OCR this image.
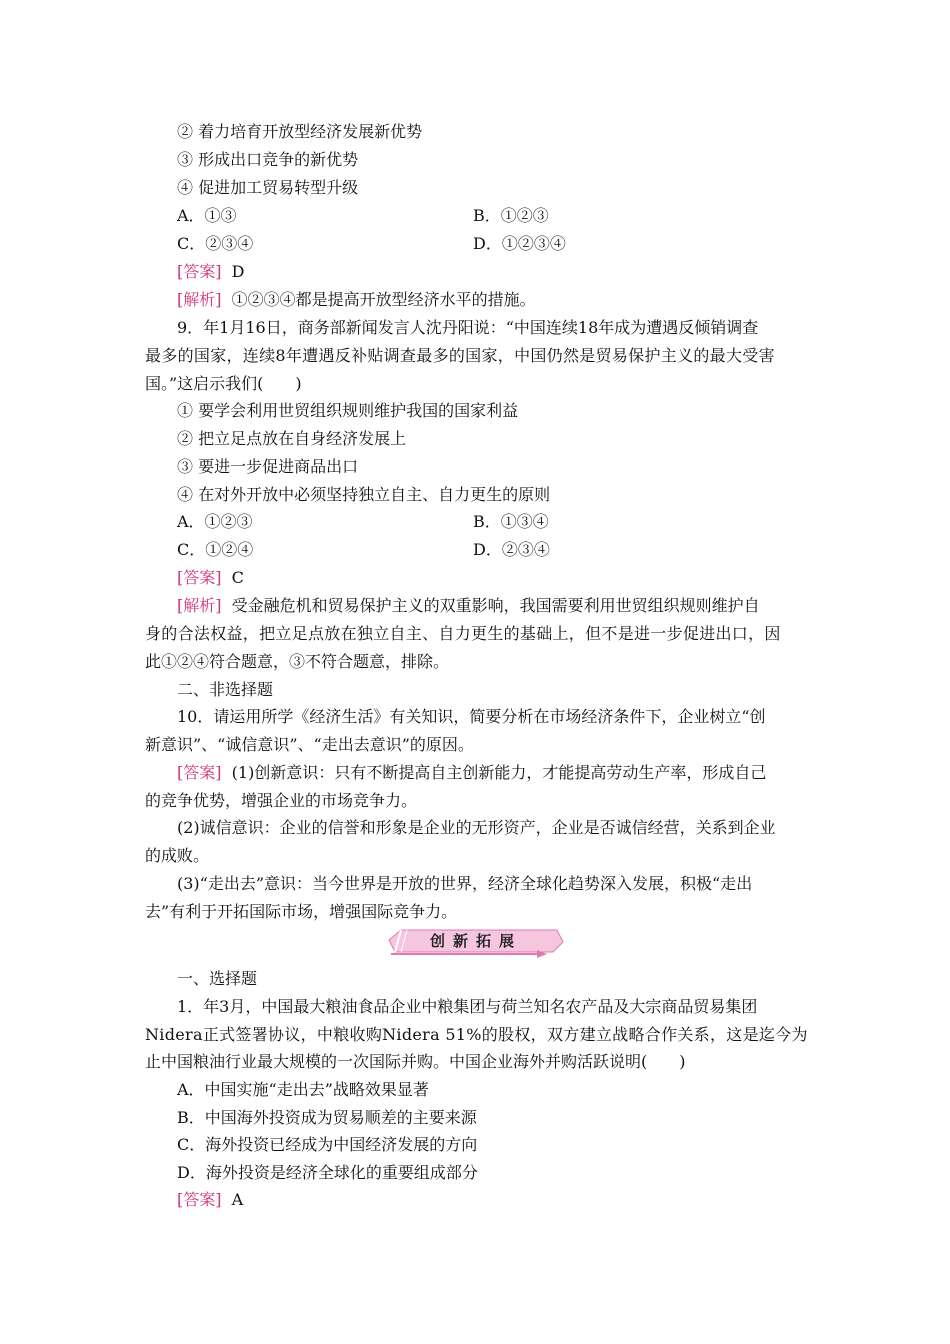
② 着力培育开放型经济发展新优势
③ 形成出口竞争的新优势
④ 促进加工贸易转型升级
A．①③	B．①②③
C．②③④	D．①②③④
[答案] D
[解析] ①②③④都是提高开放型经济水平的措施。
9．年1月16日，商务部新闻发言人沈丹阳说：“中国连续18年成为遭遇反倾销调查
最多的国家，连续8年遭遇反补贴调查最多的国家，中国仍然是贸易保护主义的最大受害
国。”这启示我们(　　)
① 要学会利用世贸组织规则维护我国的国家利益
② 把立足点放在自身经济发展上
③ 要进一步促进商品出口
④ 在对外开放中必须坚持独立自主、自力更生的原则
A．①②③	B．①③④
C．①②④	D．②③④
[答案] C
[解析] 受金融危机和贸易保护主义的双重影响，我国需要利用世贸组织规则维护自
身的合法权益，把立足点放在独立自主、自力更生的基础上，但不是进一步促进出口，因
此①②④符合题意，③不符合题意，排除。
二、非选择题
10．请运用所学《经济生活》有关知识，简要分析在市场经济条件下，企业树立“创
新意识”、“诚信意识”、“走出去意识”的原因。
[答案] (1)创新意识：只有不断提高自主创新能力，才能提高劳动生产率，形成自己
的竞争优势，增强企业的市场竞争力。
(2)诚信意识：企业的信誉和形象是企业的无形资产，企业是否诚信经营，关系到企业
的成败。
(3)“走出去”意识：当今世界是开放的世界，经济全球化趋势深入发展，积极“走出
去”有利于开拓国际市场，增强国际竞争力。
创新拓展
一、选择题
1．年3月，中国最大粮油食品企业中粮集团与荷兰知名农产品及大宗商品贸易集团
Nidera正式签署协议，中粮收购Nidera 51%的股权，双方建立战略合作关系，这是迄今为
止中国粮油行业最大规模的一次国际并购。中国企业海外并购活跃说明(　　)
A．中国实施“走出去”战略效果显著
B．中国海外投资成为贸易顺差的主要来源
C．海外投资已经成为中国经济发展的方向
D．海外投资是经济全球化的重要组成部分
[答案] A
